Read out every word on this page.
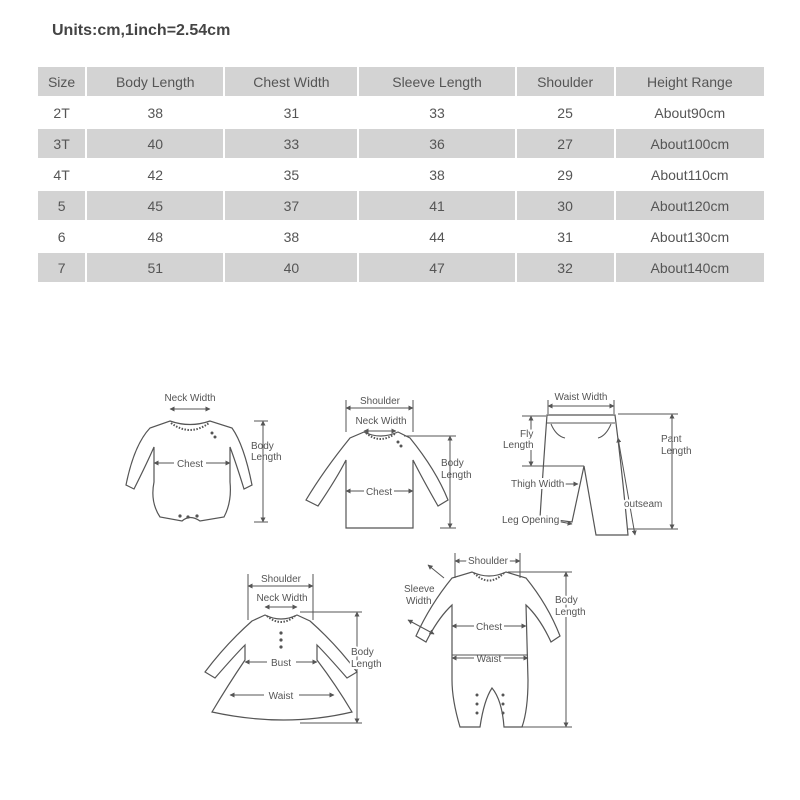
Units:cm,1inch=2.54cm
Size	Body Length	Chest Width	Sleeve Length	Shoulder	Height Range
2T	38	31	33	25	About90cm
3T	40	33	36	27	About100cm
4T	42	35	38	29	About110cm
5	45	37	41	30	About120cm
6	48	38	44	31	About130cm
7	51	40	47	32	About140cm
Neck Width
Chest
Body
Length
Shoulder
Neck Width
Chest
Body
Length
Waist Width
Fly
Length
Pant
Length
Thigh Width
outseam
Leg Opening
Shoulder
Neck Width
Bust
Waist
Body
Length
Shoulder
Sleeve
Width
Chest
Waist
Body
Length
